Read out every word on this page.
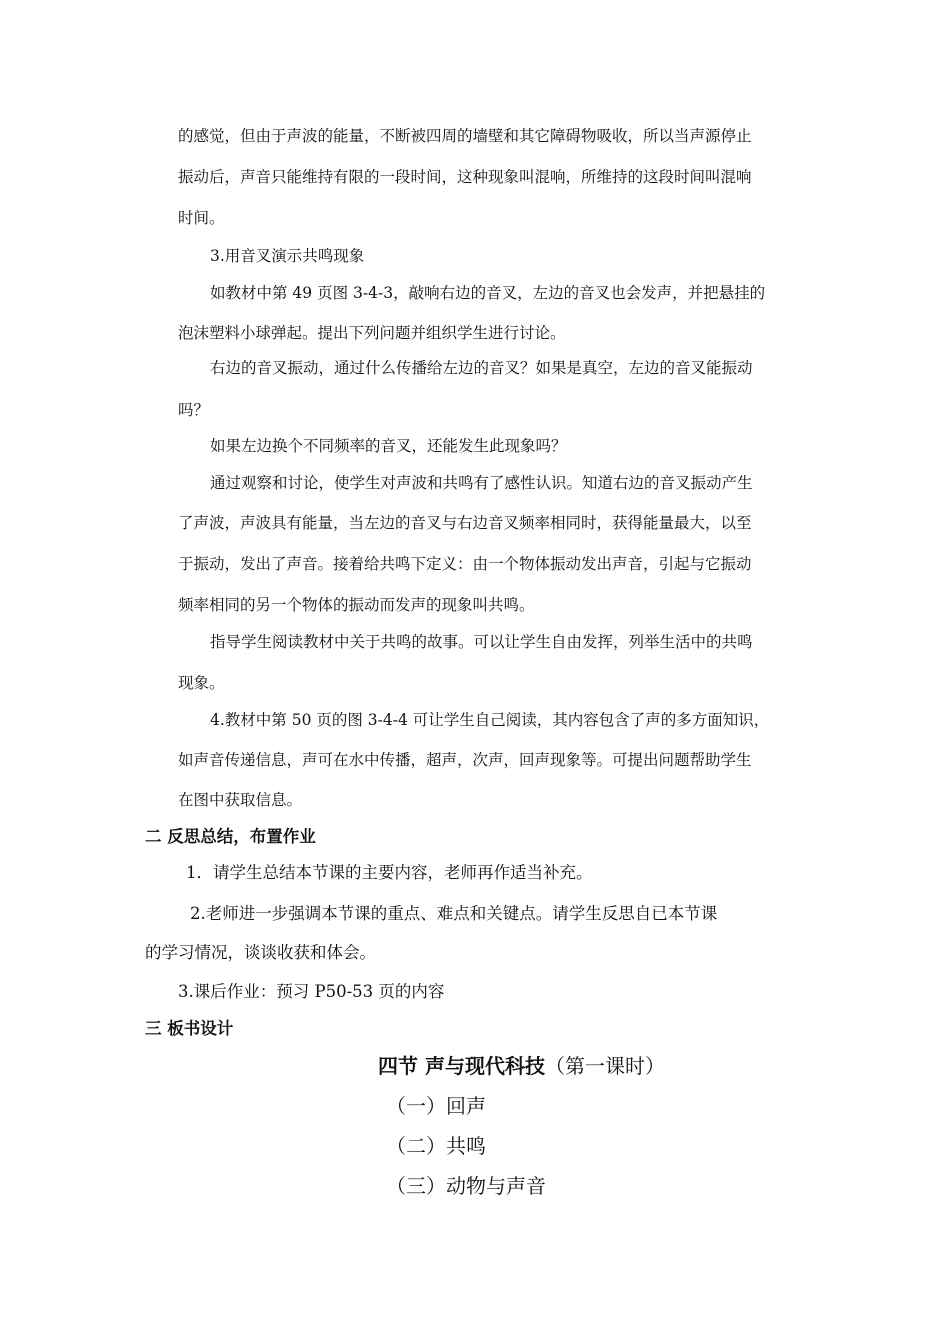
的感觉，但由于声波的能量，不断被四周的墙壁和其它障碍物吸收，所以当声源停止
振动后，声音只能维持有限的一段时间，这种现象叫混响，所维持的这段时间叫混响
时间。
3.用音叉演示共鸣现象
如教材中第 49 页图 3-4-3，敲响右边的音叉，左边的音叉也会发声，并把悬挂的
泡沫塑料小球弹起。提出下列问题并组织学生进行讨论。
右边的音叉振动，通过什么传播给左边的音叉？如果是真空，左边的音叉能振动
吗？
如果左边换个不同频率的音叉，还能发生此现象吗？
通过观察和讨论，使学生对声波和共鸣有了感性认识。知道右边的音叉振动产生
了声波，声波具有能量，当左边的音叉与右边音叉频率相同时，获得能量最大，以至
于振动，发出了声音。接着给共鸣下定义：由一个物体振动发出声音，引起与它振动
频率相同的另一个物体的振动而发声的现象叫共鸣。
指导学生阅读教材中关于共鸣的故事。可以让学生自由发挥，列举生活中的共鸣
现象。
4.教材中第 50 页的图 3-4-4 可让学生自己阅读，其内容包含了声的多方面知识，
如声音传递信息，声可在水中传播，超声，次声，回声现象等。可提出问题帮助学生
在图中获取信息。
二 反思总结，布置作业
1．请学生总结本节课的主要内容，老师再作适当补充。
2.老师进一步强调本节课的重点、难点和关键点。请学生反思自已本节课
的学习情况，谈谈收获和体会。
3.课后作业：预习 P50-53 页的内容
三 板书设计
四节 声与现代科技（第一课时）
（一）回声
（二）共鸣
（三）动物与声音
